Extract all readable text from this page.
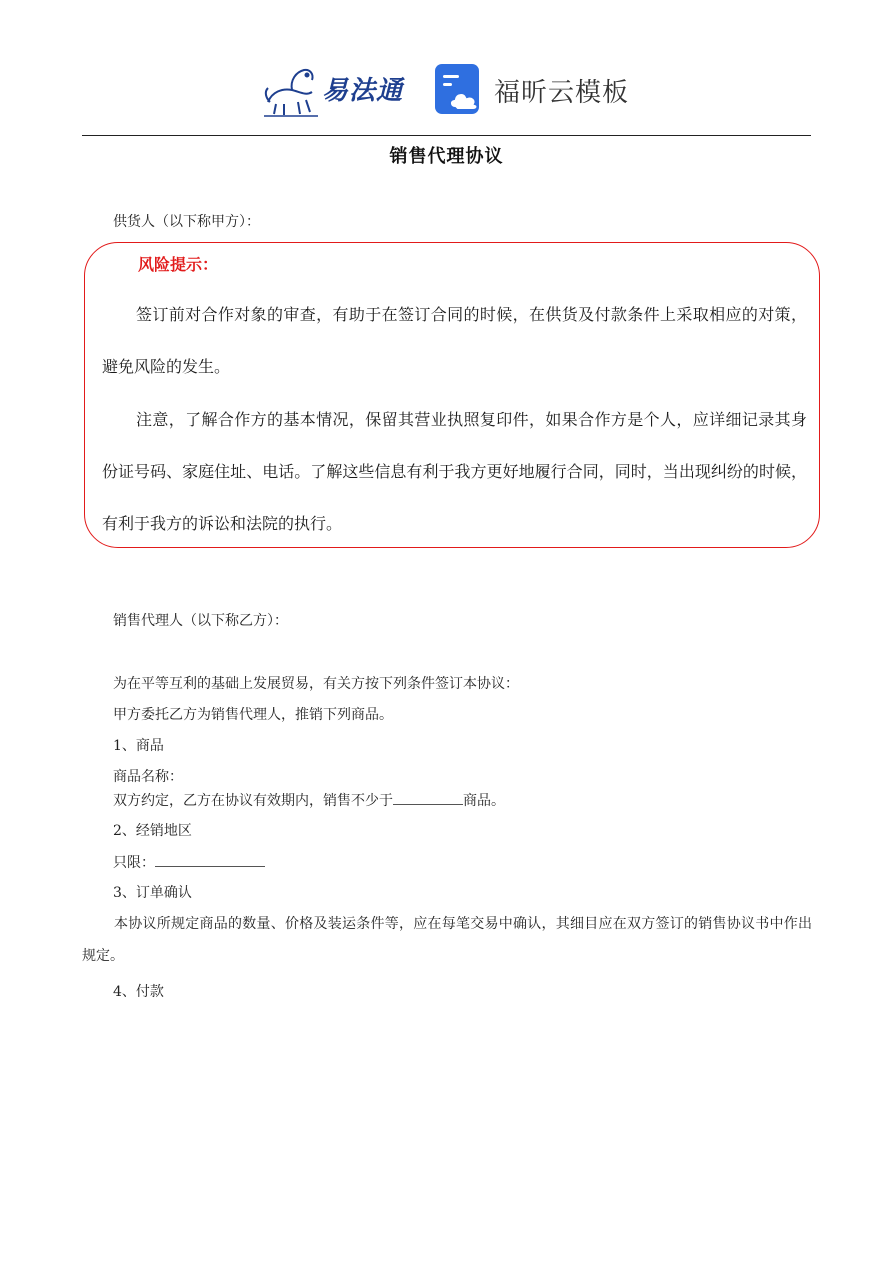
易法通	福昕云模板
销售代理协议
供货人（以下称甲方）：
风险提示：

签订前对合作对象的审查，有助于在签订合同的时候，在供货及付款条件上采取相应的对策，避免风险的发生。

注意，了解合作方的基本情况，保留其营业执照复印件，如果合作方是个人，应详细记录其身份证号码、家庭住址、电话。了解这些信息有利于我方更好地履行合同，同时，当出现纠纷的时候，有利于我方的诉讼和法院的执行。

销售代理人（以下称乙方）：
为在平等互利的基础上发展贸易，有关方按下列条件签订本协议：
甲方委托乙方为销售代理人，推销下列商品。
1、商品
商品名称：
双方约定，乙方在协议有效期内，销售不少于	商品。
2、经销地区
只限：
3、订单确认

本协议所规定商品的数量、价格及装运条件等，应在每笔交易中确认，其细目应在双方签订的销售协议书中作出规定。

4、付款
